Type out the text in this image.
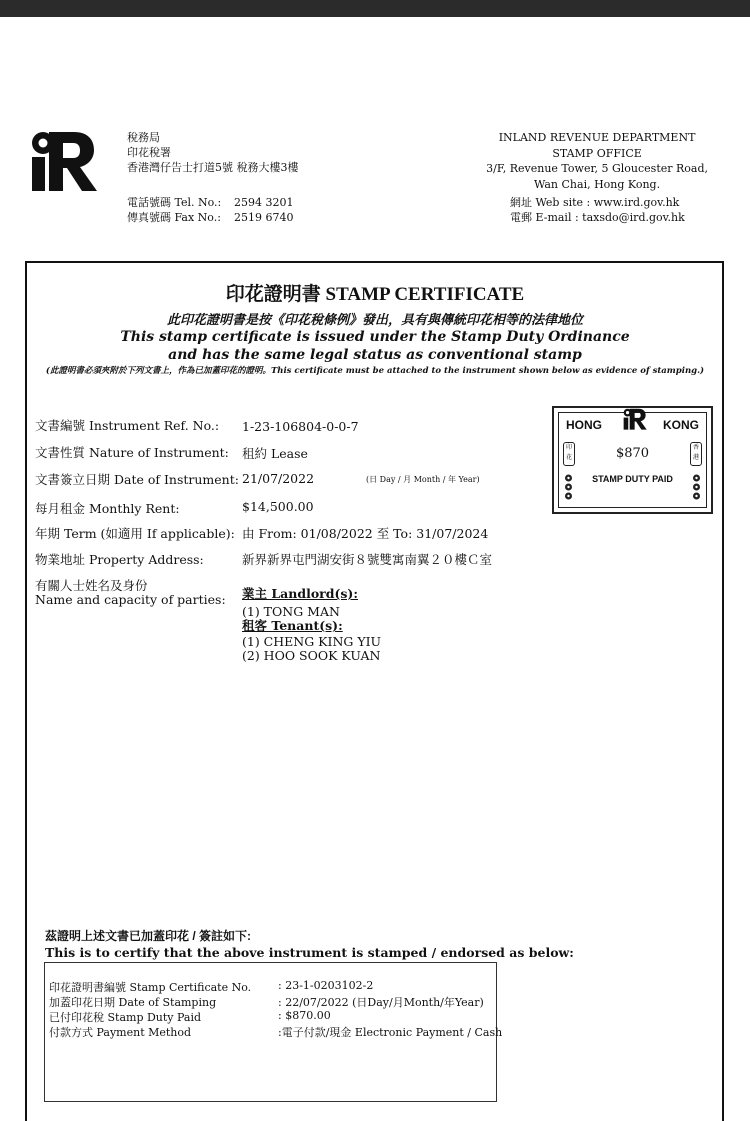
稅務局
印花稅署
香港灣仔告士打道5號 稅務大樓3樓
電話號碼 Tel. No.: 2594 3201
傳真號碼 Fax No.: 2519 6740
INLAND REVENUE DEPARTMENT
STAMP OFFICE
3/F, Revenue Tower, 5 Gloucester Road,
Wan Chai, Hong Kong.
網址 Web site : www.ird.gov.hk
電郵 E-mail : taxsdo@ird.gov.hk
印花證明書 STAMP CERTIFICATE
此印花證明書是按《印花稅條例》發出，具有與傳統印花相等的法律地位
This stamp certificate is issued under the Stamp Duty Ordinance
and has the same legal status as conventional stamp
(此證明書必須夾附於下列文書上，作為已加蓋印花的證明。This certificate must be attached to the instrument shown below as evidence of stamping.)
文書編號 Instrument Ref. No.: 1-23-106804-0-0-7
文書性質 Nature of Instrument: 租約 Lease
文書簽立日期 Date of Instrument: 21/07/2022	(日 Day / 月 Month / 年 Year)
每月租金 Monthly Rent:	$14,500.00
年期 Term (如適用 If applicable): 由 From: 01/08/2022 至 To: 31/07/2024
物業地址 Property Address:	新界新界屯門湖安街８號雙寓南翼２０樓Ｃ室
有關人士姓名及身份
Name and capacity of parties: 業主 Landlord(s):
(1) TONG MAN
租客 Tenant(s):
(1) CHENG KING YIU
(2) HOO SOOK KUAN
HONG	KONG
$870
STAMP DUTY PAID
印花
香港
茲證明上述文書已加蓋印花 / 簽註如下:
This is to certify that the above instrument is stamped / endorsed as below:
印花證明書編號 Stamp Certificate No. : 23-1-0203102-2
加蓋印花日期 Date of Stamping	: 22/07/2022 (日Day/月Month/年Year)
已付印花稅 Stamp Duty Paid	: $870.00
付款方式 Payment Method	:電子付款/現金 Electronic Payment / Cash
